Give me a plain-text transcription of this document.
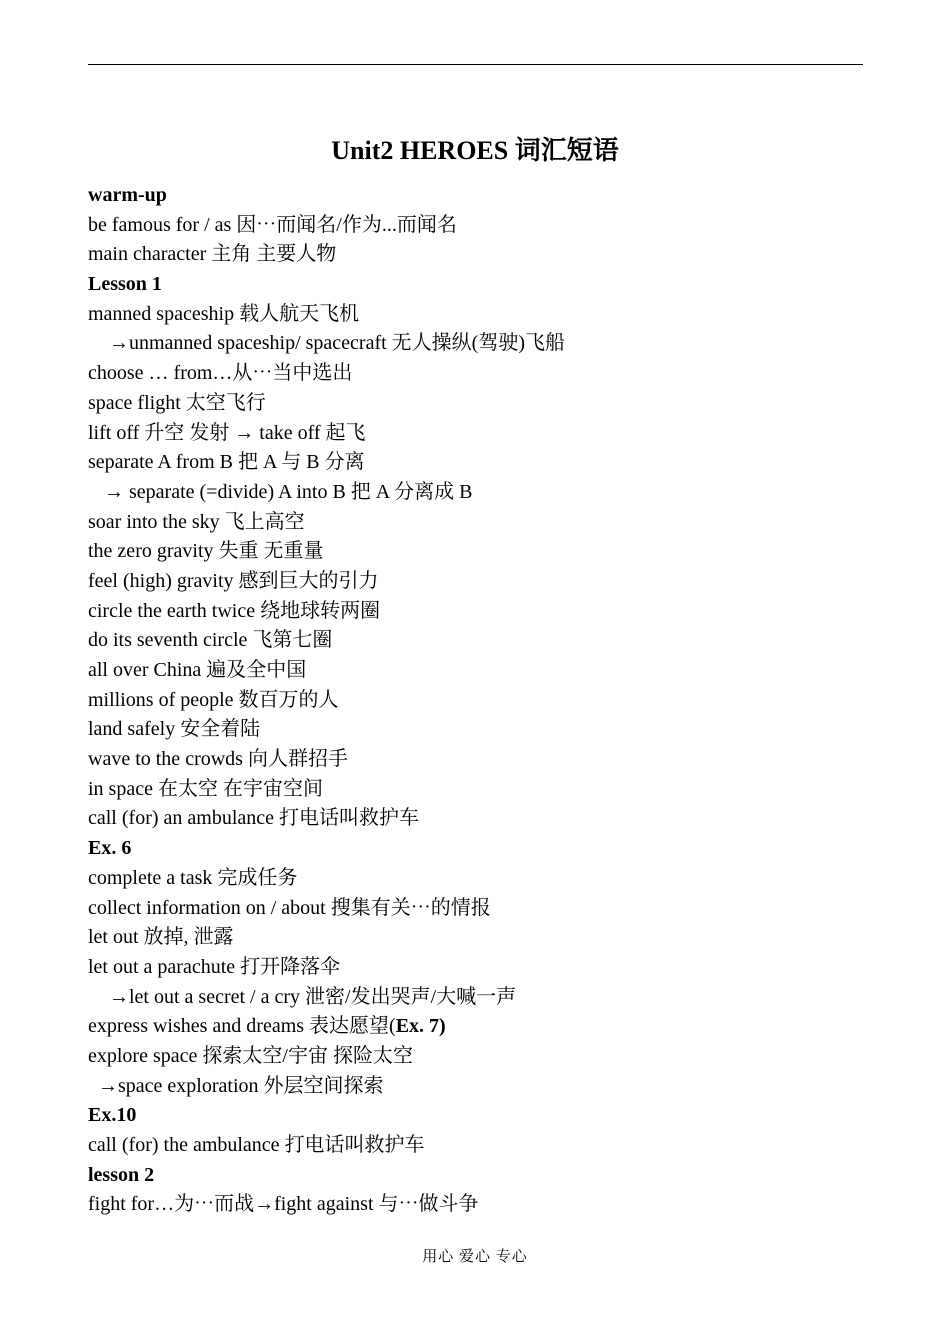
Unit2 HEROES 词汇短语
warm-up
be famous for / as 因⋯而闻名/作为...而闻名
main character 主角 主要人物
Lesson 1
manned spaceship 载人航天飞机
→unmanned spaceship/ spacecraft 无人操纵(驾驶)飞船
choose … from…从⋯当中选出
space flight 太空飞行
lift off 升空 发射 → take off 起飞
separate A from B 把 A 与 B 分离
→ separate (=divide) A into B 把 A 分离成 B
soar into the sky 飞上高空
the zero gravity 失重 无重量
feel (high) gravity 感到巨大的引力
circle the earth twice 绕地球转两圈
do its seventh circle 飞第七圈
all over China 遍及全中国
millions of people 数百万的人
land safely 安全着陆
wave to the crowds 向人群招手
in space 在太空 在宇宙空间
call (for) an ambulance 打电话叫救护车
Ex. 6
complete a task 完成任务
collect information on / about 搜集有关⋯的情报
let out 放掉, 泄露
let out a parachute 打开降落伞
→let out a secret / a cry 泄密/发出哭声/大喊一声
express wishes and dreams 表达愿望(Ex. 7)
explore space 探索太空/宇宙 探险太空
→space exploration 外层空间探索
Ex.10
call (for) the ambulance 打电话叫救护车
lesson 2
fight for…为⋯而战→fight against 与⋯做斗争
用心 爱心 专心
